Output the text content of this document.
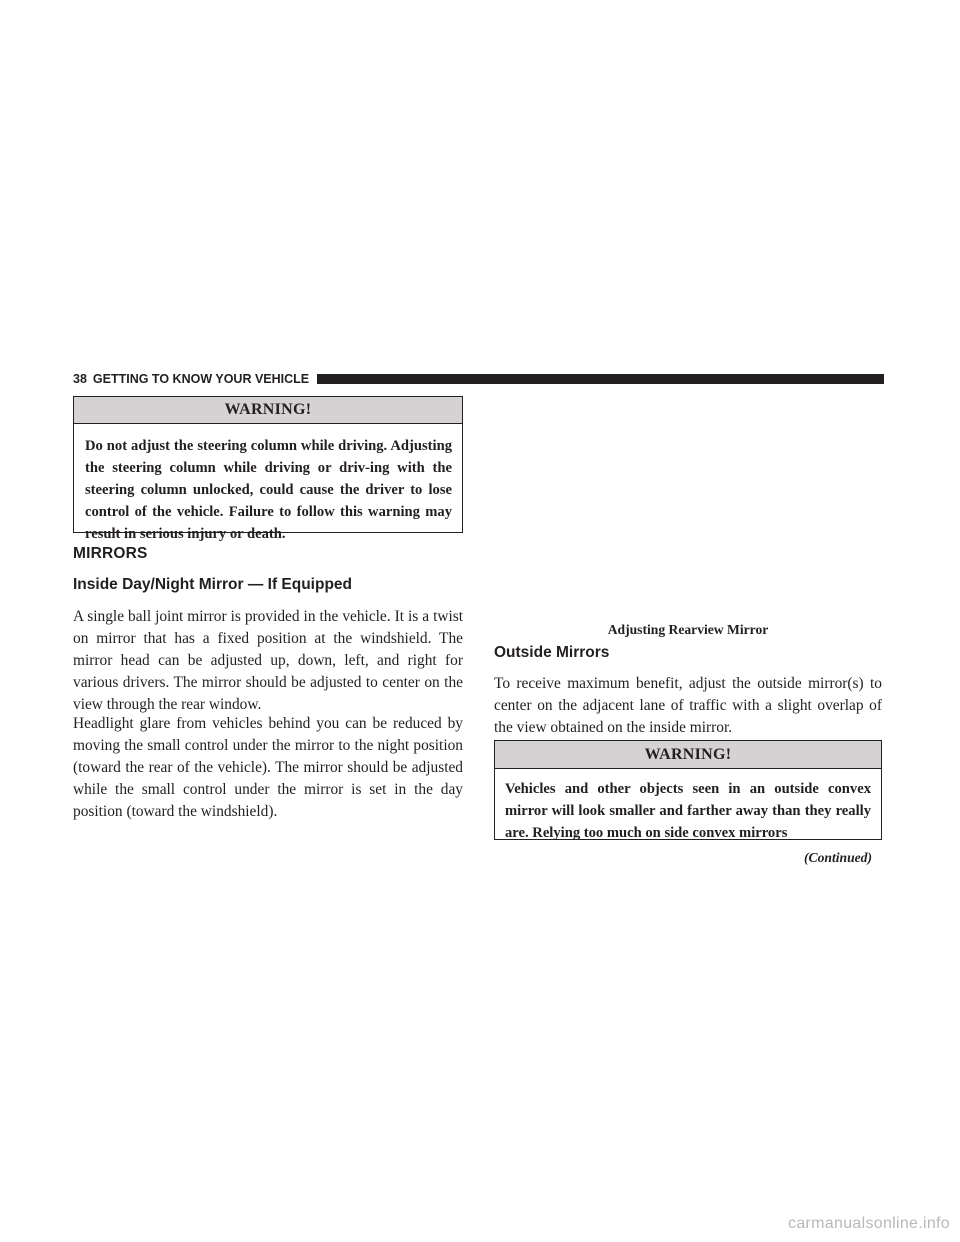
38 GETTING TO KNOW YOUR VEHICLE
WARNING!

Do not adjust the steering column while driving. Adjusting the steering column while driving or driv-ing with the steering column unlocked, could cause the driver to lose control of the vehicle. Failure to follow this warning may result in serious injury or death.

MIRRORS
Inside Day/Night Mirror — If Equipped

A single ball joint mirror is provided in the vehicle. It is a twist on mirror that has a fixed position at the windshield. The mirror head can be adjusted up, down, left, and right for various drivers. The mirror should be adjusted to center on the view through the rear window.

Headlight glare from vehicles behind you can be reduced by moving the small control under the mirror to the night position (toward the rear of the vehicle). The mirror should be adjusted while the small control under the mirror is set in the day position (toward the windshield).

Adjusting Rearview Mirror
Outside Mirrors

To receive maximum benefit, adjust the outside mirror(s) to center on the adjacent lane of traffic with a slight overlap of the view obtained on the inside mirror.

WARNING!

Vehicles and other objects seen in an outside convex mirror will look smaller and farther away than they really are. Relying too much on side convex mirrors

(Continued)
carmanualsonline.info
